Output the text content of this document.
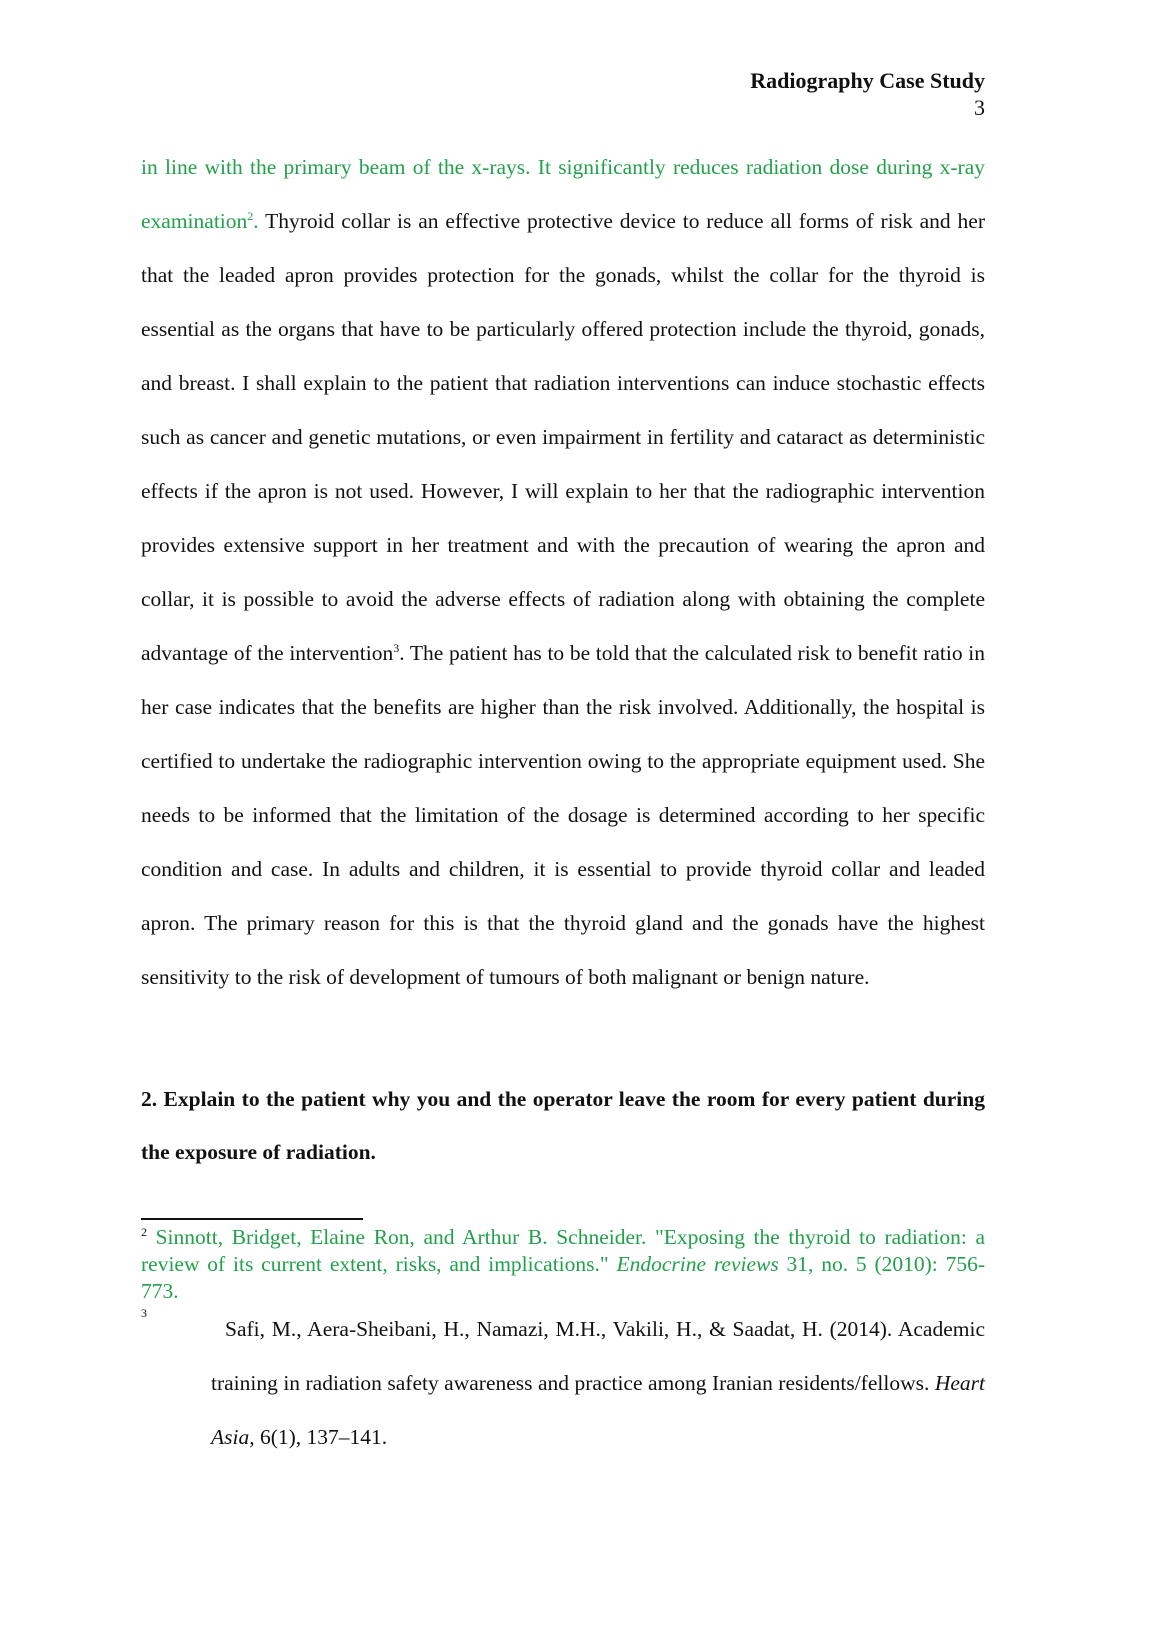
Radiography Case Study
3
in line with the primary beam of the x-rays. It significantly reduces radiation dose during x-ray examination$^2$. Thyroid collar is an effective protective device to reduce all forms of risk and her that the leaded apron provides protection for the gonads, whilst the collar for the thyroid is essential as the organs that have to be particularly offered protection include the thyroid, gonads, and breast. I shall explain to the patient that radiation interventions can induce stochastic effects such as cancer and genetic mutations, or even impairment in fertility and cataract as deterministic effects if the apron is not used. However, I will explain to her that the radiographic intervention provides extensive support in her treatment and with the precaution of wearing the apron and collar, it is possible to avoid the adverse effects of radiation along with obtaining the complete advantage of the intervention$^3$. The patient has to be told that the calculated risk to benefit ratio in her case indicates that the benefits are higher than the risk involved. Additionally, the hospital is certified to undertake the radiographic intervention owing to the appropriate equipment used. She needs to be informed that the limitation of the dosage is determined according to her specific condition and case. In adults and children, it is essential to provide thyroid collar and leaded apron. The primary reason for this is that the thyroid gland and the gonads have the highest sensitivity to the risk of development of tumours of both malignant or benign nature.
2. Explain to the patient why you and the operator leave the room for every patient during the exposure of radiation.
$^2$ Sinnott, Bridget, Elaine Ron, and Arthur B. Schneider. "Exposing the thyroid to radiation: a review of its current extent, risks, and implications." Endocrine reviews 31, no. 5 (2010): 756-773.
3
Safi, M., Aera-Sheibani, H., Namazi, M.H., Vakili, H., & Saadat, H. (2014). Academic training in radiation safety awareness and practice among Iranian residents/fellows. Heart Asia, 6(1), 137–141.
